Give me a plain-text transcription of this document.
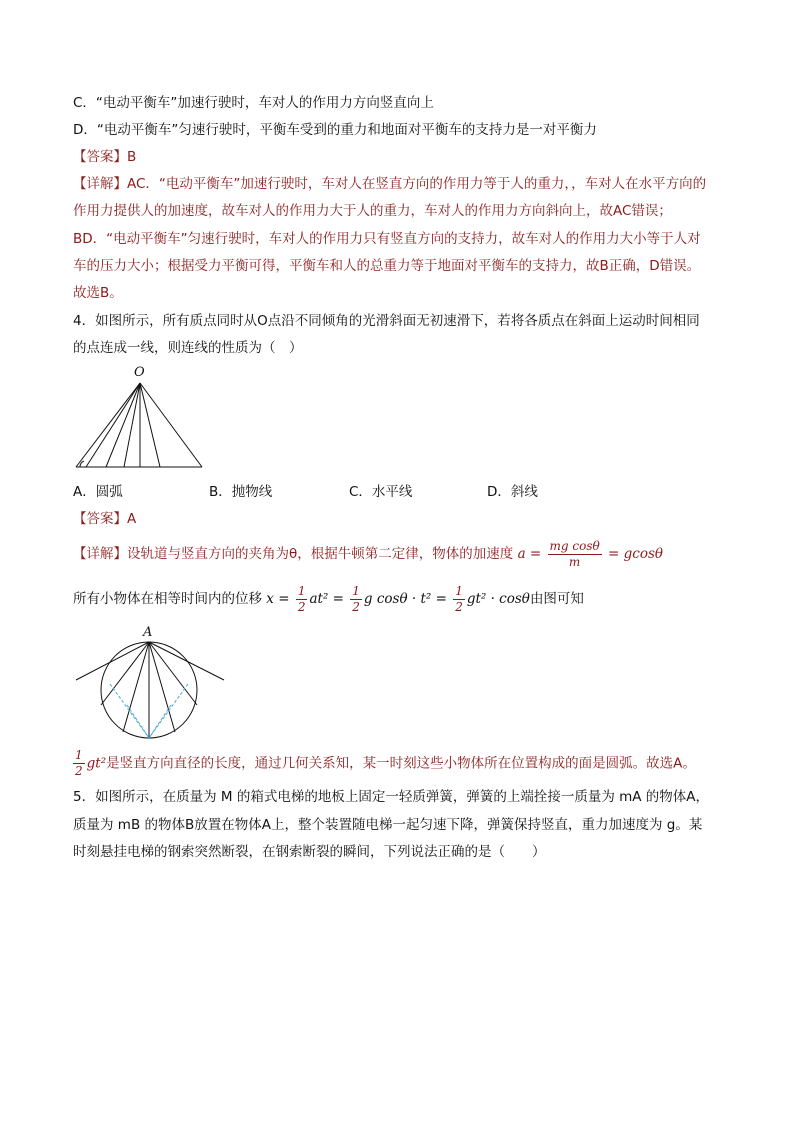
C．“电动平衡车”加速行驶时，车对人的作用力方向竖直向上
D．“电动平衡车”匀速行驶时，平衡车受到的重力和地面对平衡车的支持力是一对平衡力
【答案】B
【详解】AC．“电动平衡车”加速行驶时，车对人在竖直方向的作用力等于人的重力，，车对人在水平方向的
作用力提供人的加速度，故车对人的作用力大于人的重力，车对人的作用力方向斜向上，故AC错误；
BD．“电动平衡车”匀速行驶时，车对人的作用力只有竖直方向的支持力，故车对人的作用力大小等于人对
车的压力大小；根据受力平衡可得，平衡车和人的总重力等于地面对平衡车的支持力，故B正确，D错误。
故选B。
4．如图所示，所有质点同时从O点沿不同倾角的光滑斜面无初速滑下，若将各质点在斜面上运动时间相同
的点连成一线，则连线的性质为（　）
O
A．圆弧	B．抛物线	C．水平线	D．斜线
【答案】A
【详解】设轨道与竖直方向的夹角为θ，根据牛顿第二定律，物体的加速度 $a = \frac{\text{mg cosθ}}{m} = gcos\theta$
所有小物体在相等时间内的位移 $x = \frac{1}{2} at^2 = \frac{1}{2}$ g $\cos\theta \cdot t^2 = \frac{1}{2} gt^2 \cdot \cos\theta$由图可知
A
$\frac{1}{2} gt^2$是竖直方向直径的长度，通过几何关系知，某一时刻这些小物体所在位置构成的面是圆弧。故选A。
5．如图所示，在质量为 M 的箱式电梯的地板上固定一轻质弹簧，弹簧的上端拴接一质量为 mA 的物体A，
质量为 mB 的物体B放置在物体A上，整个装置随电梯一起匀速下降，弹簧保持竖直，重力加速度为 g。某
时刻悬挂电梯的钢索突然断裂，在钢索断裂的瞬间，下列说法正确的是（　　）
